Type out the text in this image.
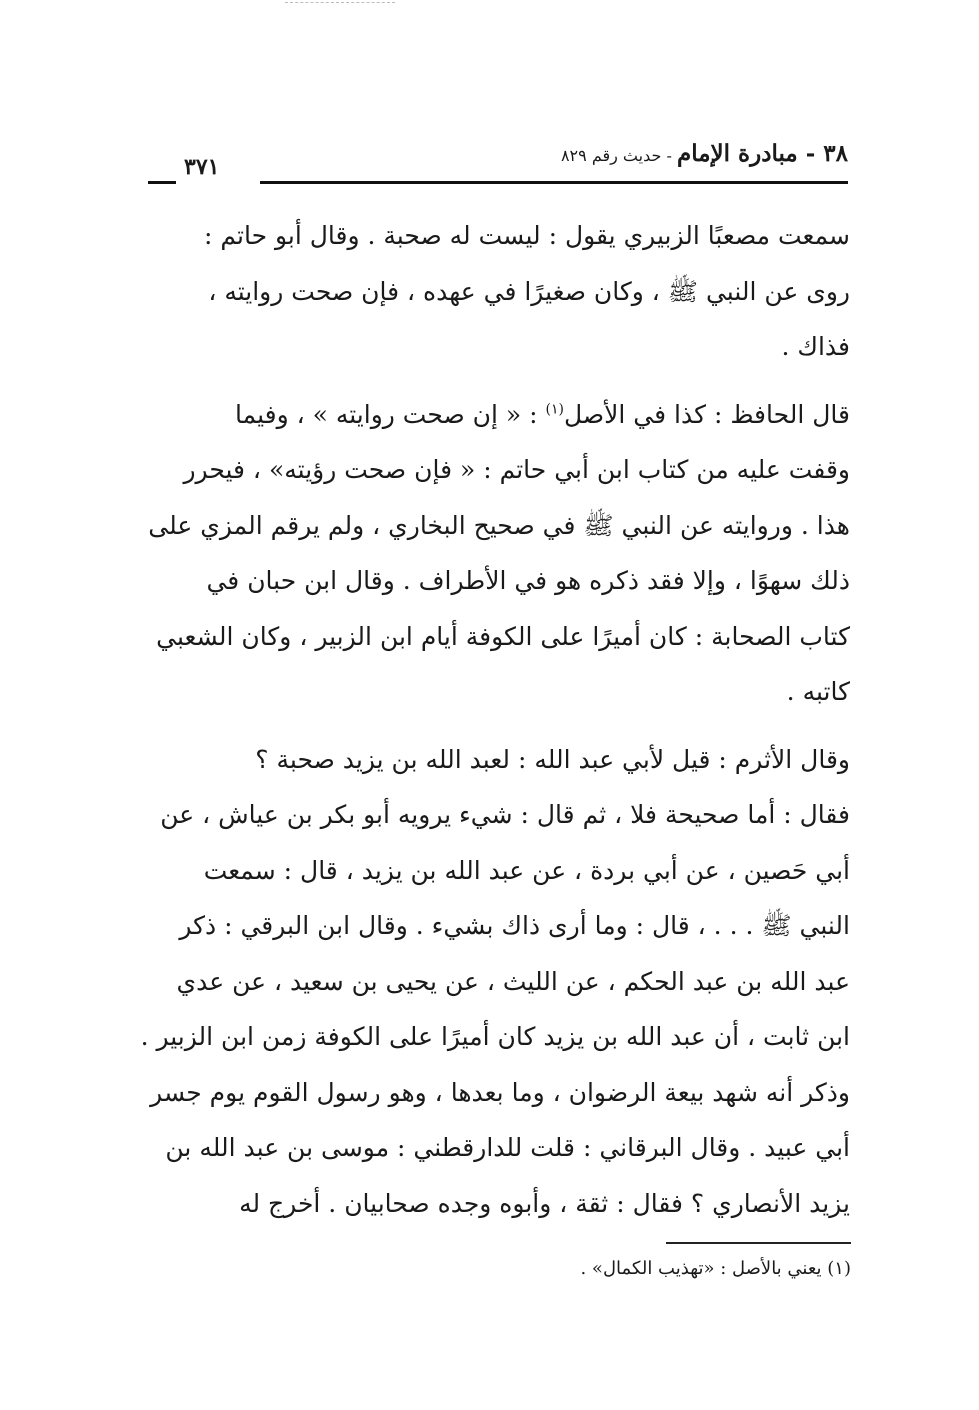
٣٨ - مبادرة الإمام - حديث رقم ٨٢٩
٣٧١
سمعت مصعبًا الزبيري يقول : ليست له صحبة . وقال أبو حاتم :
روى عن النبي ﷺ ، وكان صغيرًا في عهده ، فإن صحت روايته ،
فذاك .
قال الحافظ : كذا في الأصل$^{(١)}$ : « إن صحت روايته » ، وفيما
وقفت عليه من كتاب ابن أبي حاتم : « فإن صحت رؤيته» ، فيحرر
هذا . وروايته عن النبي ﷺ في صحيح البخاري ، ولم يرقم المزي على
ذلك سهوًا ، وإلا فقد ذكره هو في الأطراف . وقال ابن حبان في
كتاب الصحابة : كان أميرًا على الكوفة أيام ابن الزبير ، وكان الشعبي
كاتبه .
وقال الأثرم : قيل لأبي عبد الله : لعبد الله بن يزيد صحبة ؟
فقال : أما صحيحة فلا ، ثم قال : شيء يرويه أبو بكر بن عياش ، عن
أبي حَصين ، عن أبي بردة ، عن عبد الله بن يزيد ، قال : سمعت
النبي ﷺ . . . ، قال : وما أرى ذاك بشيء . وقال ابن البرقي : ذكر
عبد الله بن عبد الحكم ، عن الليث ، عن يحيى بن سعيد ، عن عدي
ابن ثابت ، أن عبد الله بن يزيد كان أميرًا على الكوفة زمن ابن الزبير .
وذكر أنه شهد بيعة الرضوان ، وما بعدها ، وهو رسول القوم يوم جسر
أبي عبيد . وقال البرقاني : قلت للدارقطني : موسى بن عبد الله بن
يزيد الأنصاري ؟ فقال : ثقة ، وأبوه وجده صحابيان . أخرج له
(١) يعني بالأصل : «تهذيب الكمال» .
